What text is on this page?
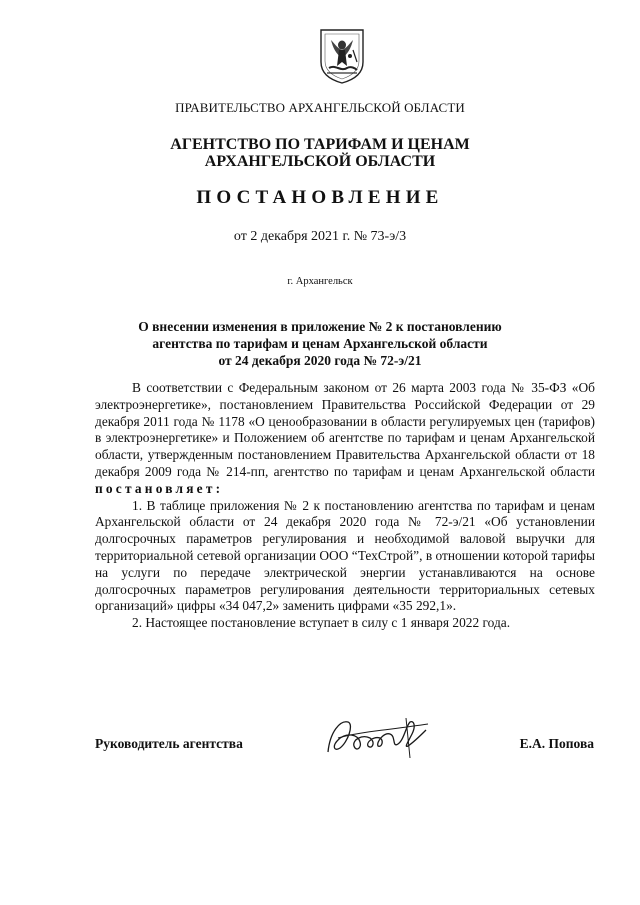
ПРАВИТЕЛЬСТВО АРХАНГЕЛЬСКОЙ ОБЛАСТИ
АГЕНТСТВО ПО ТАРИФАМ И ЦЕНАМ
АРХАНГЕЛЬСКОЙ ОБЛАСТИ
ПОСТАНОВЛЕНИЕ
от 2 декабря 2021 г. № 73-э/3
г. Архангельск
О внесении изменения в приложение № 2 к постановлению
агентства по тарифам и ценам Архангельской области
от 24 декабря 2020 года № 72-э/21

В соответствии с Федеральным законом от 26 марта 2003 года № 35-ФЗ «Об электроэнергетике», постановлением Правительства Российской Федерации от 29 декабря 2011 года № 1178 «О ценообразовании в области регулируемых цен (тарифов) в электроэнергетике» и Положением об агентстве по тарифам и ценам Архангельской области, утвержденным постановлением Правительства Архангельской области от 18 декабря 2009 года № 214-пп, агентство по тарифам и ценам Архангельской области постановляет:

1. В таблице приложения № 2 к постановлению агентства по тарифам и ценам Архангельской области от 24 декабря 2020 года № 72-э/21 «Об установлении долгосрочных параметров регулирования и необходимой валовой выручки для территориальной сетевой организации ООО “ТехСтрой”, в отношении которой тарифы на услуги по передаче электрической энергии устанавливаются на основе долгосрочных параметров регулирования деятельности территориальных сетевых организаций» цифры «34 047,2» заменить цифрами «35 292,1».

2. Настоящее постановление вступает в силу с 1 января 2022 года.

Руководитель агентства	Е.А. Попова
